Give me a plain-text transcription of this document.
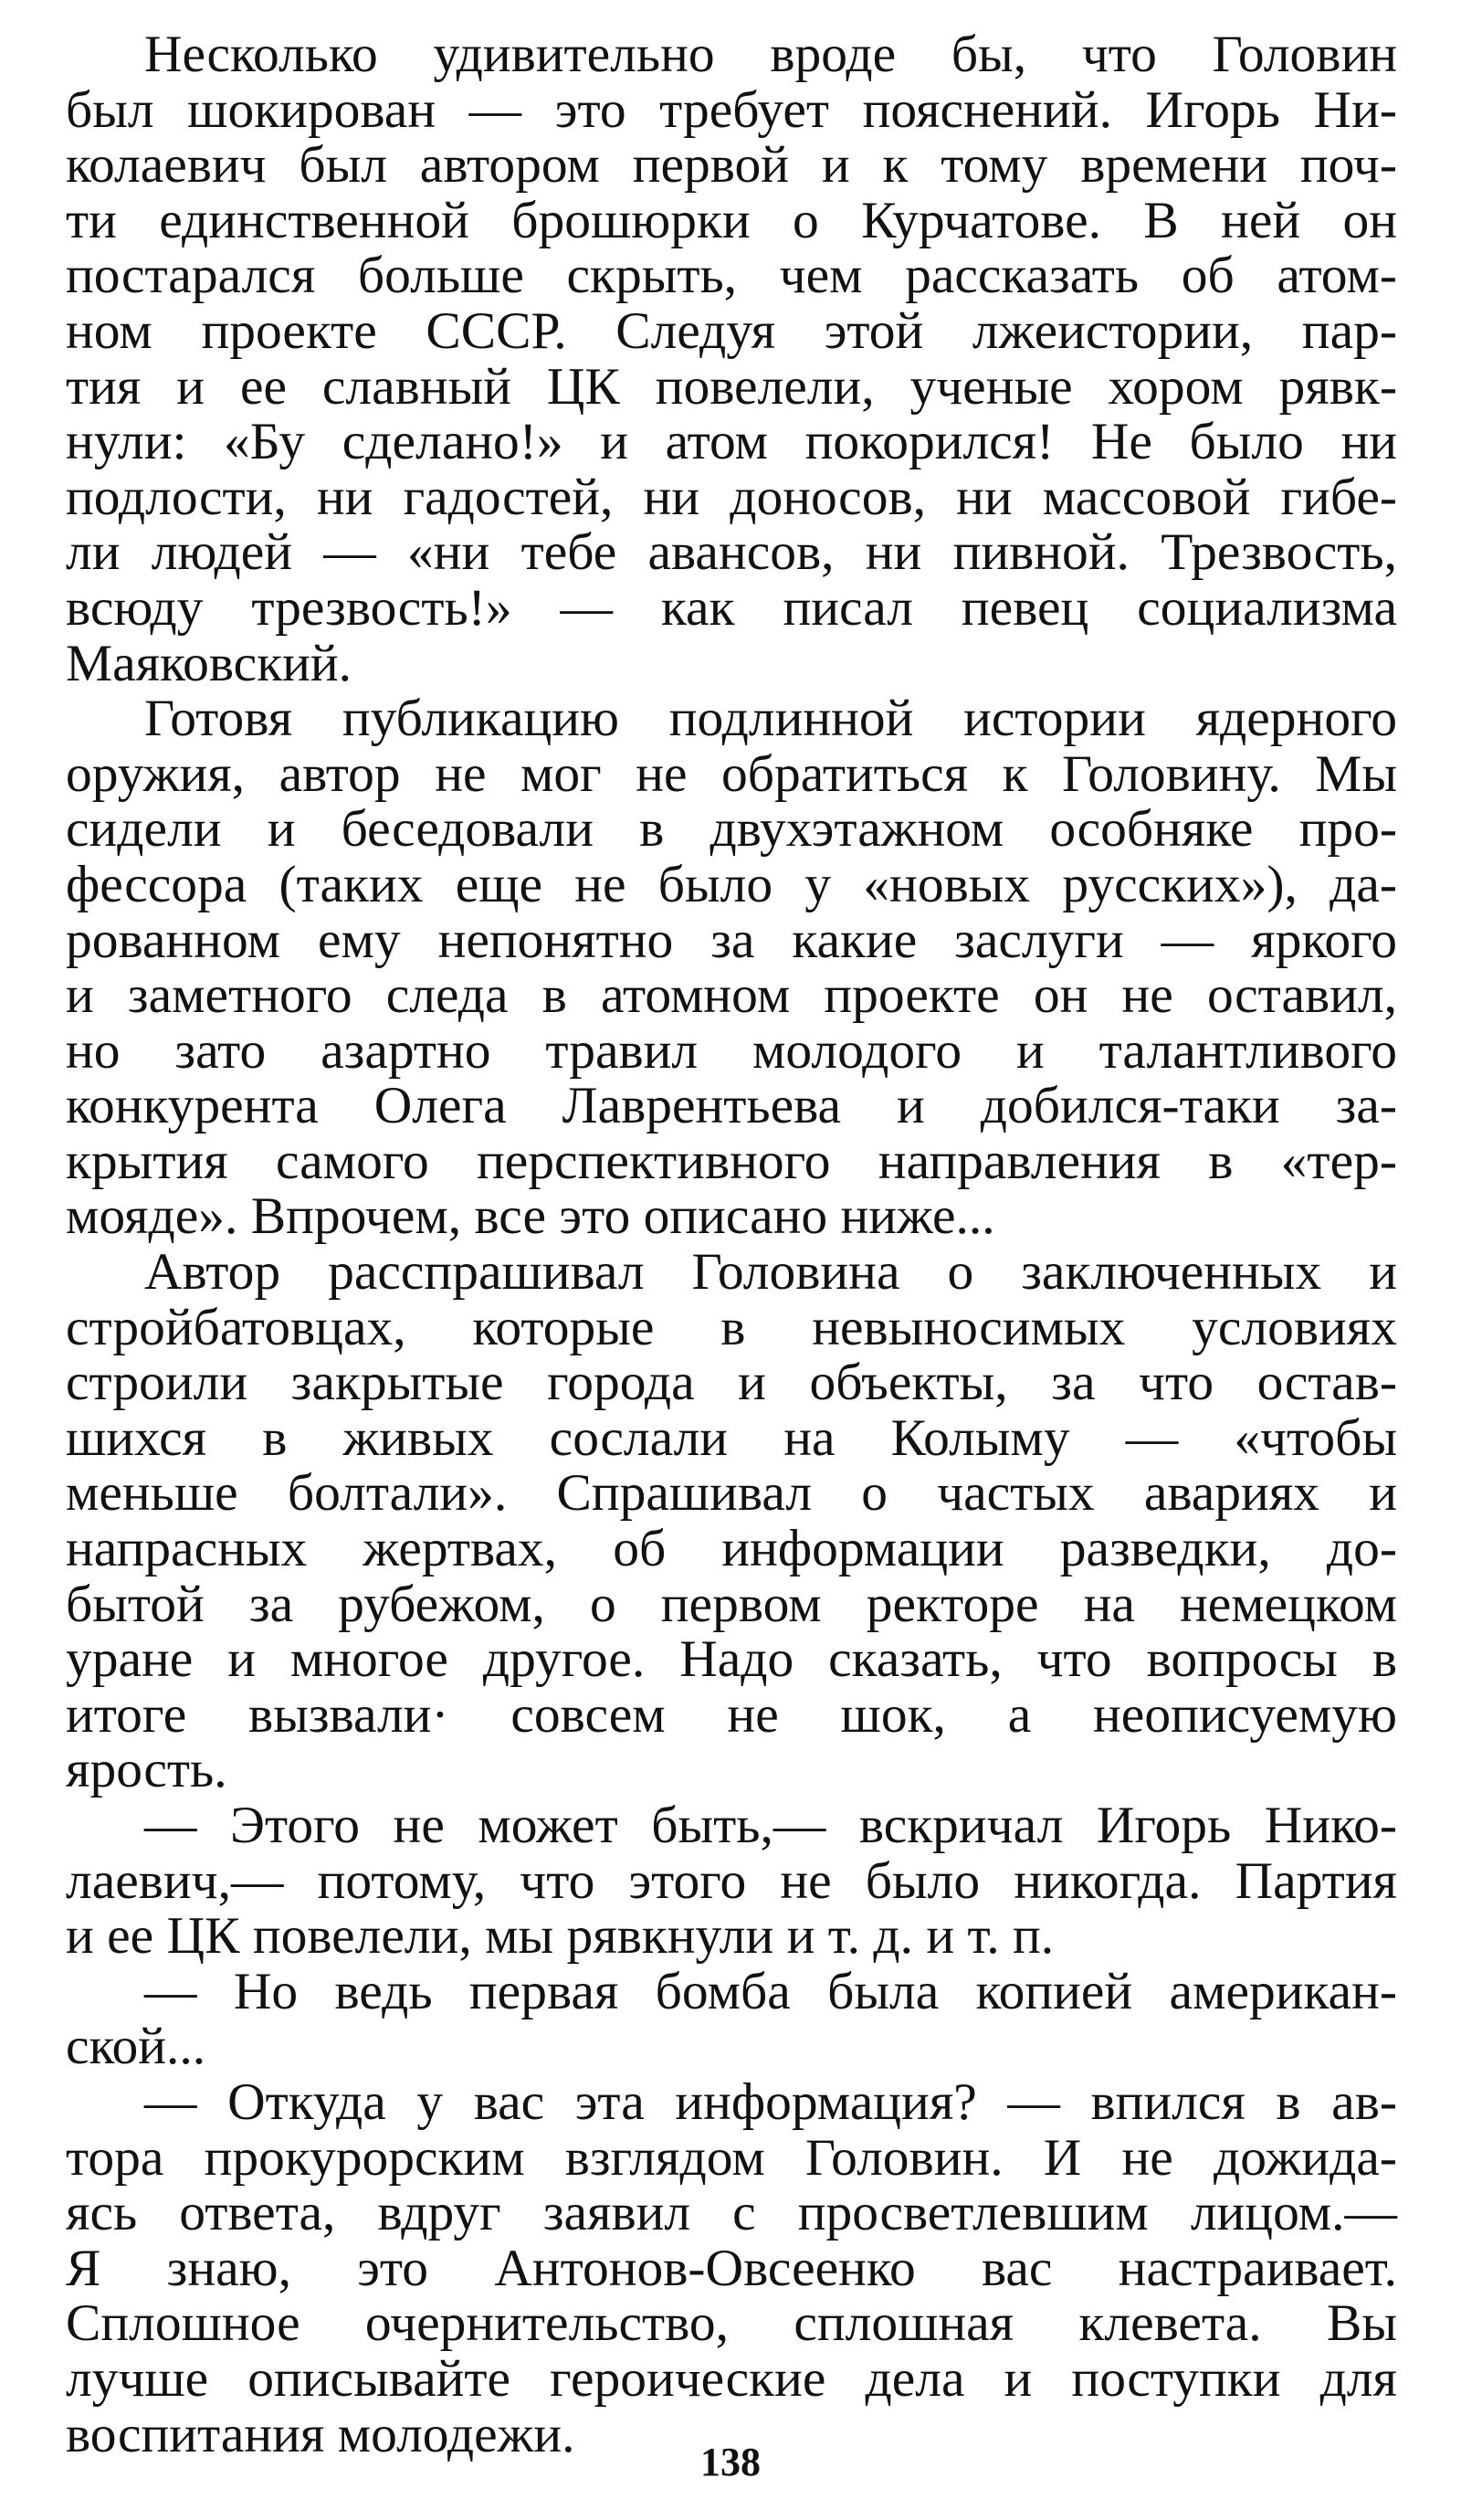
Несколько удивительно вроде бы, что Головин
был шокирован — это требует пояснений. Игорь Ни-
колаевич был автором первой и к тому времени поч-
ти единственной брошюрки о Курчатове. В ней он
постарался больше скрыть, чем рассказать об атом-
ном проекте СССР. Следуя этой лжеистории, пар-
тия и ее славный ЦК повелели, ученые хором рявк-
нули: «Бу сделано!» и атом покорился! Не было ни
подлости, ни гадостей, ни доносов, ни массовой гибе-
ли людей — «ни тебе авансов, ни пивной. Трезвость,
всюду трезвость!» — как писал певец социализма
Маяковский.
Готовя публикацию подлинной истории ядерного
оружия, автор не мог не обратиться к Головину. Мы
сидели и беседовали в двухэтажном особняке про-
фессора (таких еще не было у «новых русских»), да-
рованном ему непонятно за какие заслуги — яркого
и заметного следа в атомном проекте он не оставил,
но зато азартно травил молодого и талантливого
конкурента Олега Лаврентьева и добился-таки за-
крытия самого перспективного направления в «тер-
мояде». Впрочем, все это описано ниже...
Автор расспрашивал Головина о заключенных и
стройбатовцах, которые в невыносимых условиях
строили закрытые города и объекты, за что остав-
шихся в живых сослали на Колыму — «чтобы
меньше болтали». Спрашивал о частых авариях и
напрасных жертвах, об информации разведки, до-
бытой за рубежом, о первом ректоре на немецком
уране и многое другое. Надо сказать, что вопросы в
итоге вызвали· совсем не шок, а неописуемую
ярость.
— Этого не может быть,— вскричал Игорь Нико-
лаевич,— потому, что этого не было никогда. Партия
и ее ЦК повелели, мы рявкнули и т. д. и т. п.
— Но ведь первая бомба была копией американ-
ской...
— Откуда у вас эта информация? — впился в ав-
тора прокурорским взглядом Головин. И не дожида-
ясь ответа, вдруг заявил с просветлевшим лицом.—
Я знаю, это Антонов-Овсеенко вас настраивает.
Сплошное очернительство, сплошная клевета. Вы
лучше описывайте героические дела и поступки для
воспитания молодежи.	138
